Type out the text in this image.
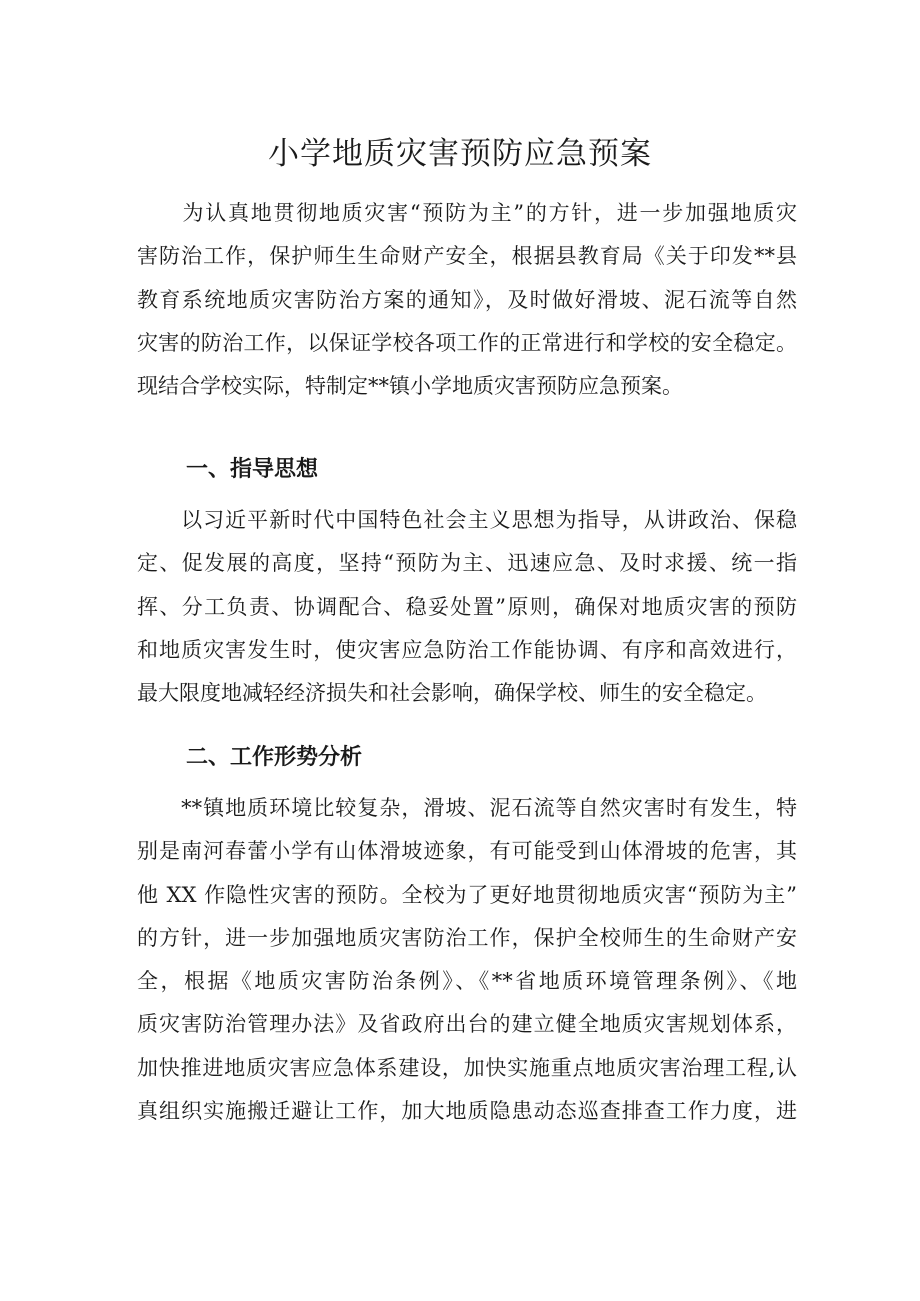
小学地质灾害预防应急预案
　　为认真地贯彻地质灾害“预防为主”的方针，进一步加强地质灾
害防治工作，保护师生生命财产安全，根据县教育局《关于印发**县
教育系统地质灾害防治方案的通知》，及时做好滑坡、泥石流等自然
灾害的防治工作，以保证学校各项工作的正常进行和学校的安全稳定。
现结合学校实际，特制定**镇小学地质灾害预防应急预案。
一、指导思想
　　以习近平新时代中国特色社会主义思想为指导，从讲政治、保稳
定、促发展的高度，坚持“预防为主、迅速应急、及时求援、统一指
挥、分工负责、协调配合、稳妥处置”原则，确保对地质灾害的预防
和地质灾害发生时，使灾害应急防治工作能协调、有序和高效进行，
最大限度地减轻经济损失和社会影响，确保学校、师生的安全稳定。
二、工作形势分析
　　**镇地质环境比较复杂，滑坡、泥石流等自然灾害时有发生，特
别是南河春蕾小学有山体滑坡迹象，有可能受到山体滑坡的危害，其
他 XX 作隐性灾害的预防。全校为了更好地贯彻地质灾害“预防为主”
的方针，进一步加强地质灾害防治工作，保护全校师生的生命财产安
全，根据《地质灾害防治条例》、《**省地质环境管理条例》、《地
质灾害防治管理办法》及省政府出台的建立健全地质灾害规划体系，
加快推进地质灾害应急体系建设，加快实施重点地质灾害治理工程,认
真组织实施搬迁避让工作，加大地质隐患动态巡查排查工作力度，进
